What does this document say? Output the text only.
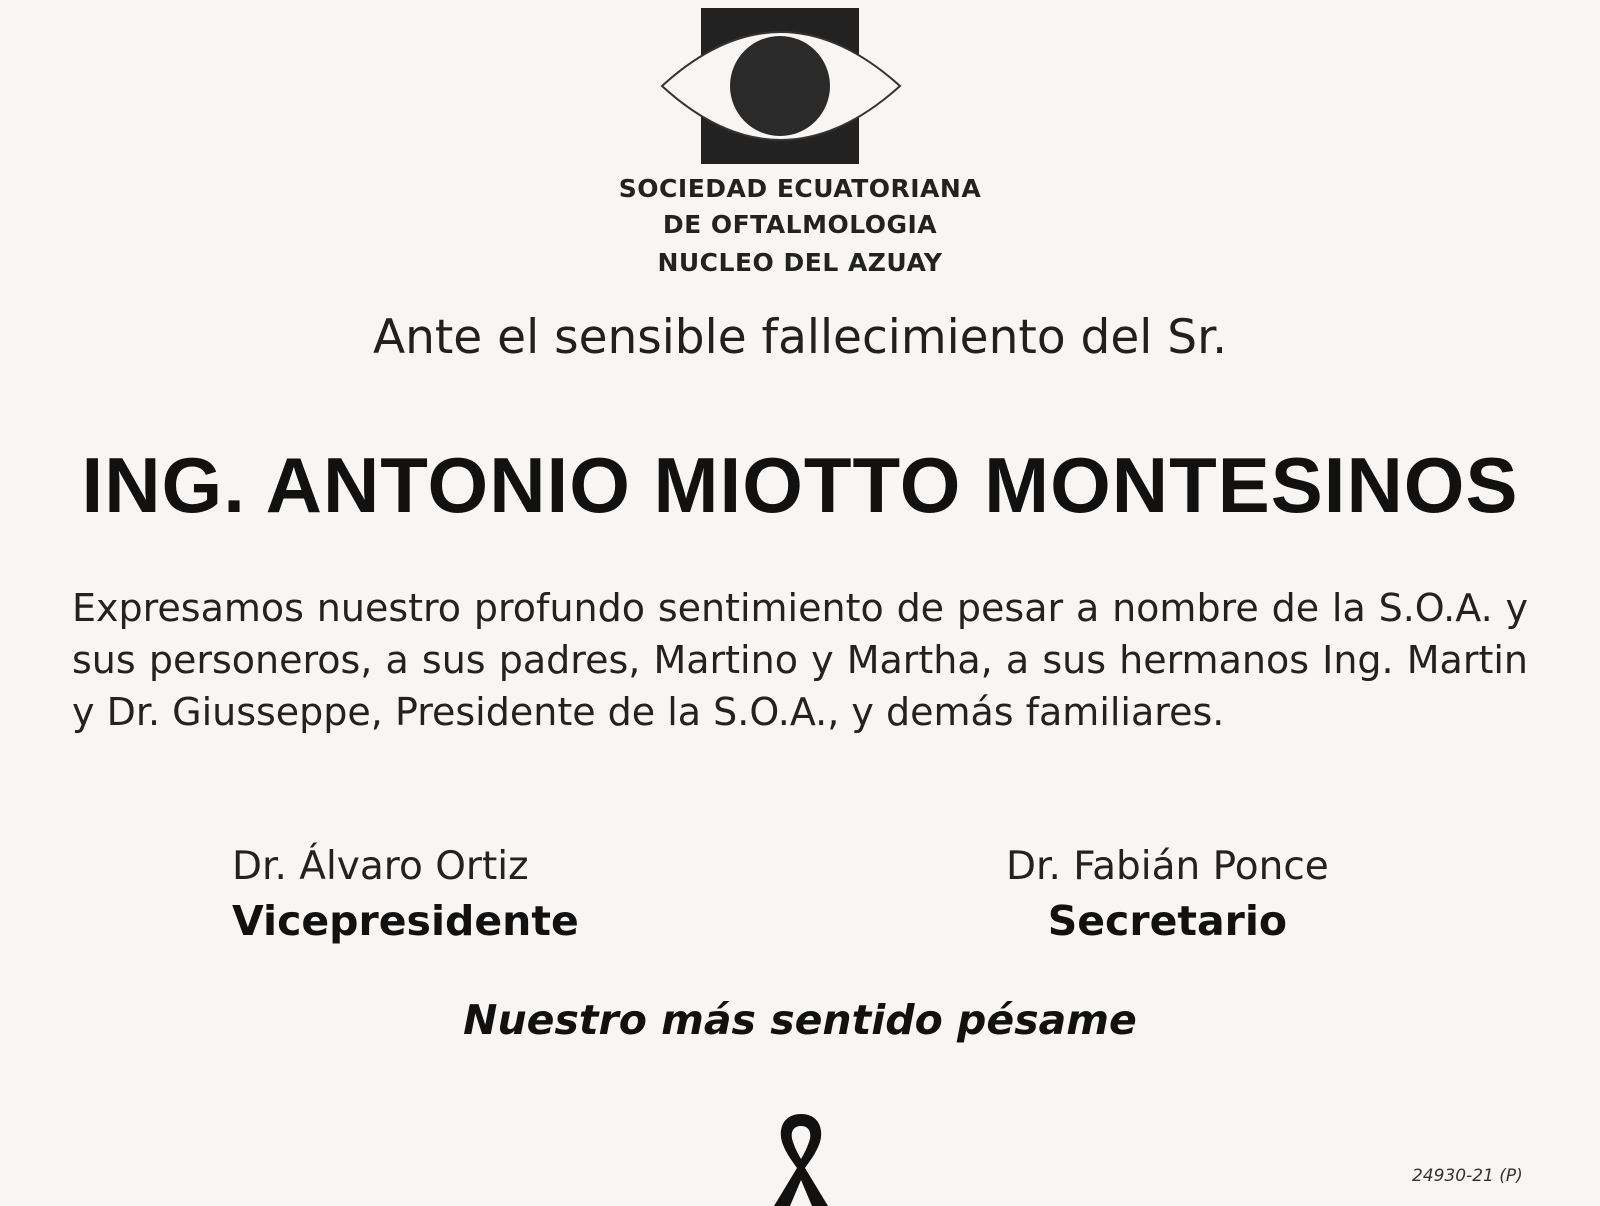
SOCIEDAD ECUATORIANA
DE OFTALMOLOGIA
NUCLEO DEL AZUAY
Ante el sensible fallecimiento del Sr.
ING. ANTONIO MIOTTO MONTESINOS
Expresamos nuestro profundo sentimiento de pesar a nombre de la S.O.A. y sus personeros, a sus padres, Martino y Martha, a sus hermanos Ing. Martin y Dr. Giusseppe, Presidente de la S.O.A., y demás familiares.
Dr. Álvaro Ortiz
Vicepresidente
Dr. Fabián Ponce
Secretario
Nuestro más sentido pésame
24930-21 (P)
